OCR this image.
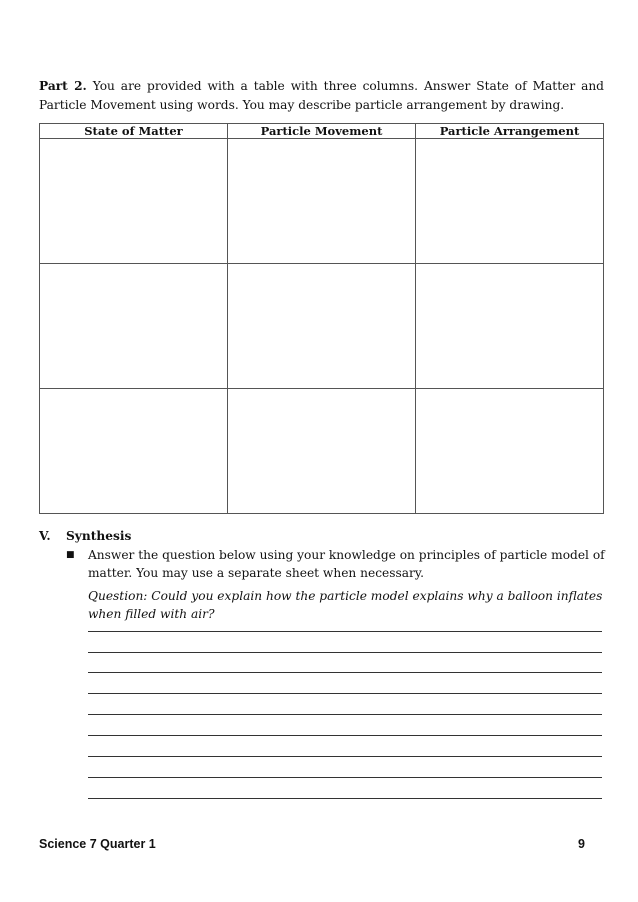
Part 2. You are provided with a table with three columns. Answer State of Matter and Particle Movement using words. You may describe particle arrangement by drawing.

State of Matter	Particle Movement	Particle Arrangement

V. Synthesis
■ Answer the question below using your knowledge on principles of particle model of matter. You may use a separate sheet when necessary.
Question: Could you explain how the particle model explains why a balloon inflates when filled with air?
Science 7 Quarter 1	9
